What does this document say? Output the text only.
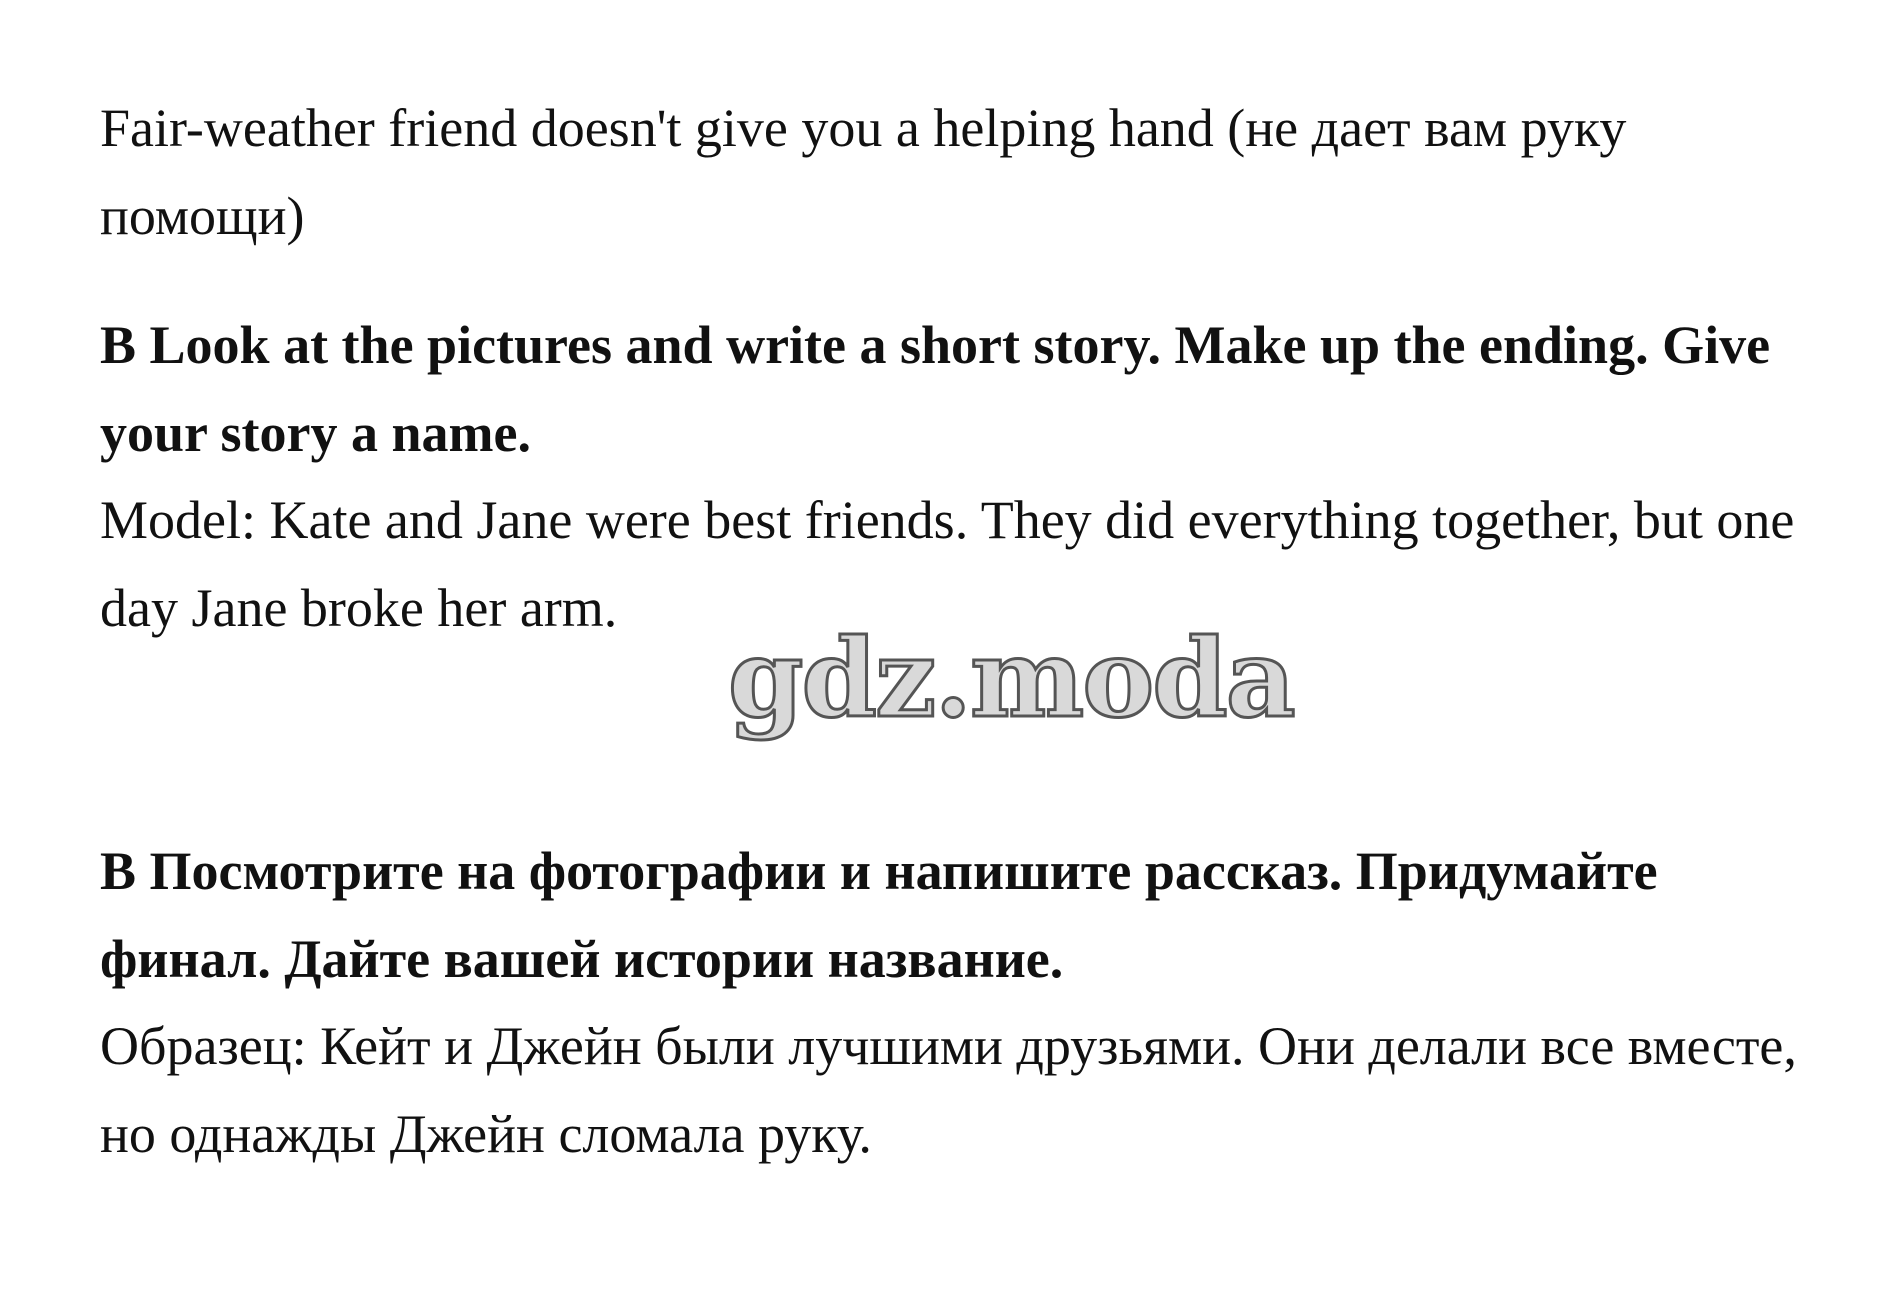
Fair-weather friend doesn't give you a helping hand (не дает вам руку помощи)

B Look at the pictures and write a short story. Make up the ending. Give your story a name.

Model: Kate and Jane were best friends. They did everything together, but one day Jane broke her arm.

gdz.moda

В Посмотрите на фотографии и напишите рассказ. Придумайте финал. Дайте вашей истории название.

Образец: Кейт и Джейн были лучшими друзьями. Они делали все вместе, но однажды Джейн сломала руку.
